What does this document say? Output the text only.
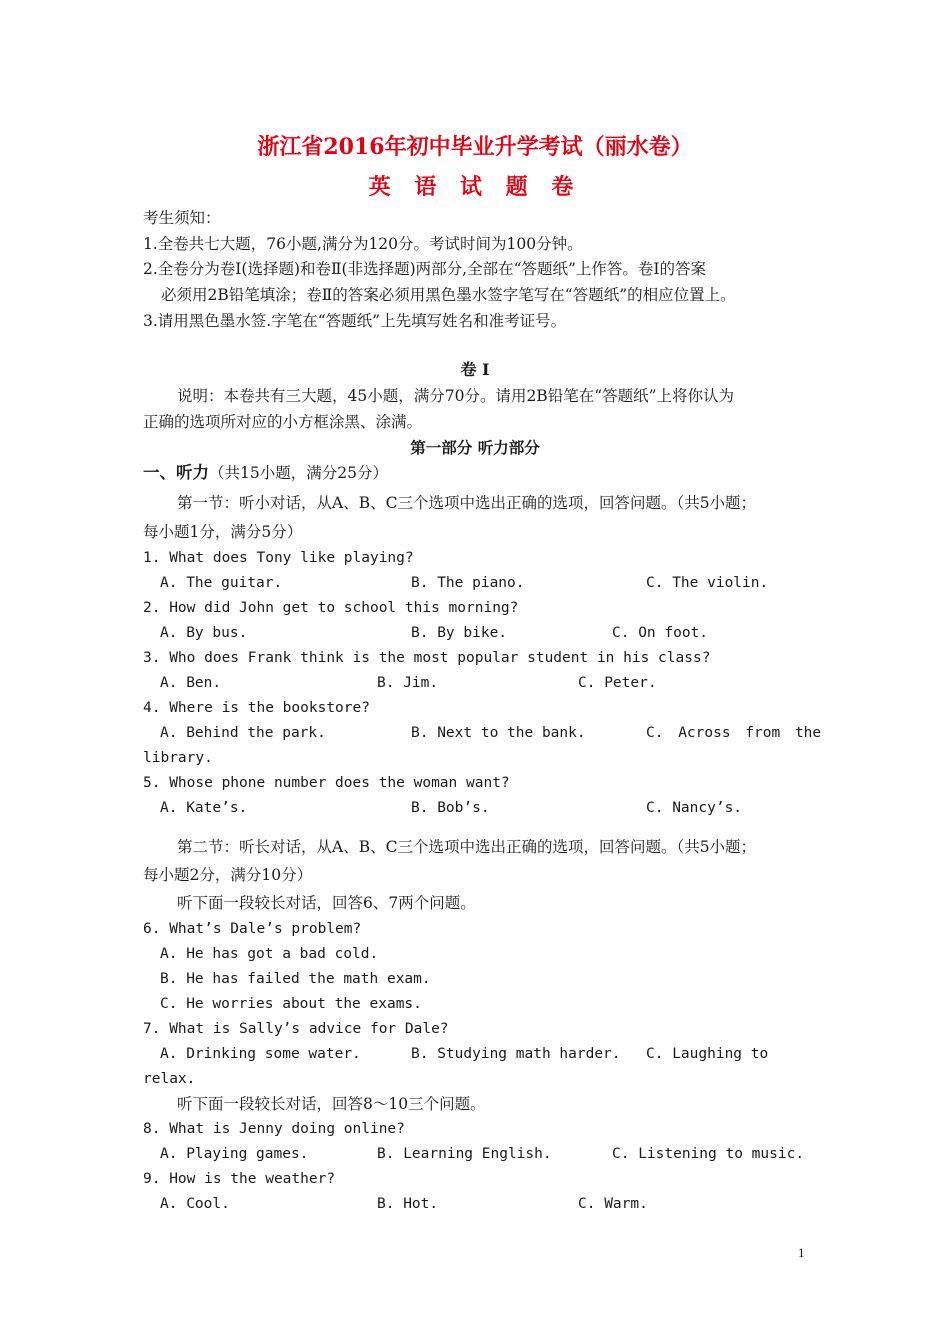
浙江省2016年初中毕业升学考试（丽水卷）
英 语 试 题 卷
考生须知：
1.全卷共七大题，76小题,满分为120分。考试时间为100分钟。
2.全卷分为卷Ⅰ(选择题)和卷Ⅱ(非选择题)两部分,全部在“答题纸”上作答。卷Ⅰ的答案
必须用2B铅笔填涂；卷Ⅱ的答案必须用黑色墨水签字笔写在“答题纸”的相应位置上。
3.请用黑色墨水签.字笔在“答题纸”上先填写姓名和准考证号。
卷 Ⅰ
说明：本卷共有三大题，45小题，满分70分。请用2B铅笔在“答题纸”上将你认为
正确的选项所对应的小方框涂黑、涂满。
第一部分 听力部分
一、听力（共15小题，满分25分）
第一节：听小对话，从A、B、C三个选项中选出正确的选项，回答问题。（共5小题；
每小题1分，满分5分）
1. What does Tony like playing?
A. The guitar.	B. The piano.	C. The violin.
2. How did John get to school this morning?
A. By bus.	B. By bike.	C. On foot.
3. Who does Frank think is the most popular student in his class?
A. Ben.	B. Jim.	C. Peter.
4. Where is the bookstore?
A. Behind the park.	B. Next to the bank.	C. Across from the
library.
5. Whose phone number does the woman want?
A. Kate’s.	B. Bob’s.	C. Nancy’s.
第二节：听长对话，从A、B、C三个选项中选出正确的选项，回答问题。（共5小题；
每小题2分，满分10分）
听下面一段较长对话，回答6、7两个问题。
6. What’s Dale’s problem?
A. He has got a bad cold.
B. He has failed the math exam.
C. He worries about the exams.
7. What is Sally’s advice for Dale?
A. Drinking some water.	B. Studying math harder. C. Laughing to
relax.
听下面一段较长对话，回答8～10三个问题。
8. What is Jenny doing online?
A. Playing games.	B. Learning English.	C. Listening to music.
9. How is the weather?
A. Cool.	B. Hot.	C. Warm.
1
